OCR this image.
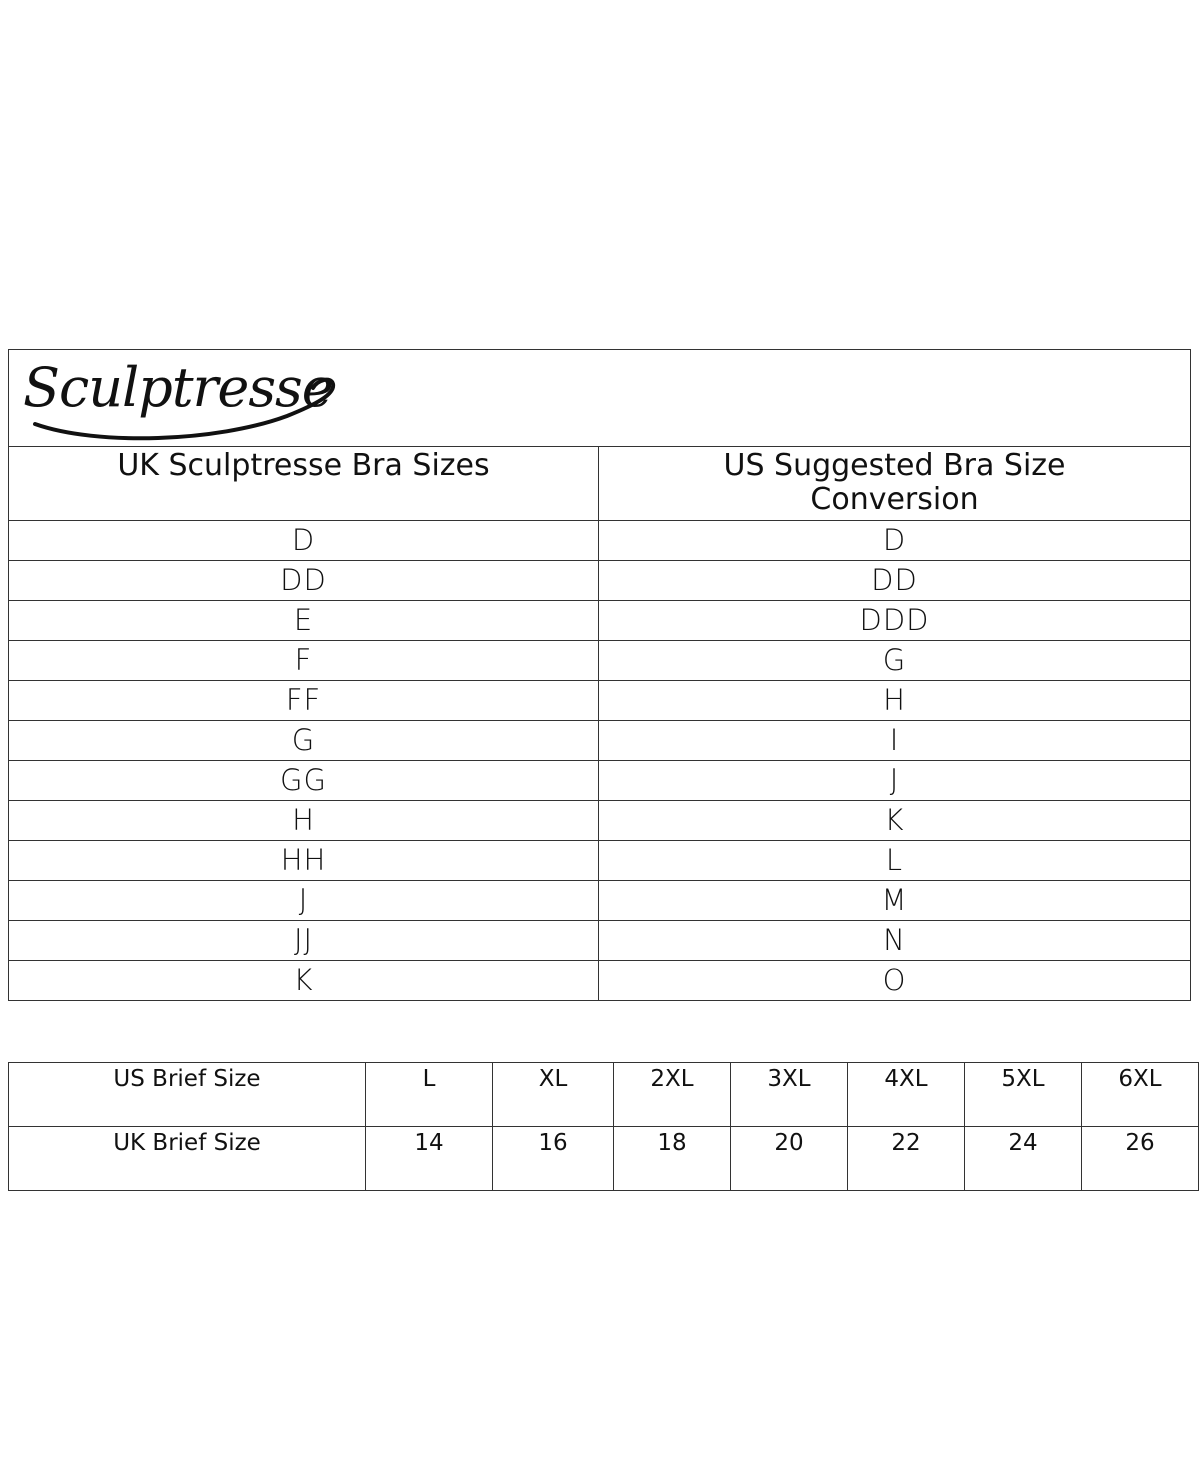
Sculptresse	

UK Sculptresse Bra Sizes	US Suggested Bra Size
Conversion
D	D
DD	DD
E	DDD
F	G
FF	H
G	I
GG	J
H	K
HH	L
J	M
JJ	N
K	O
US Brief Size	L	XL	2XL	3XL	4XL	5XL	6XL
UK Brief Size	14	16	18	20	22	24	26
